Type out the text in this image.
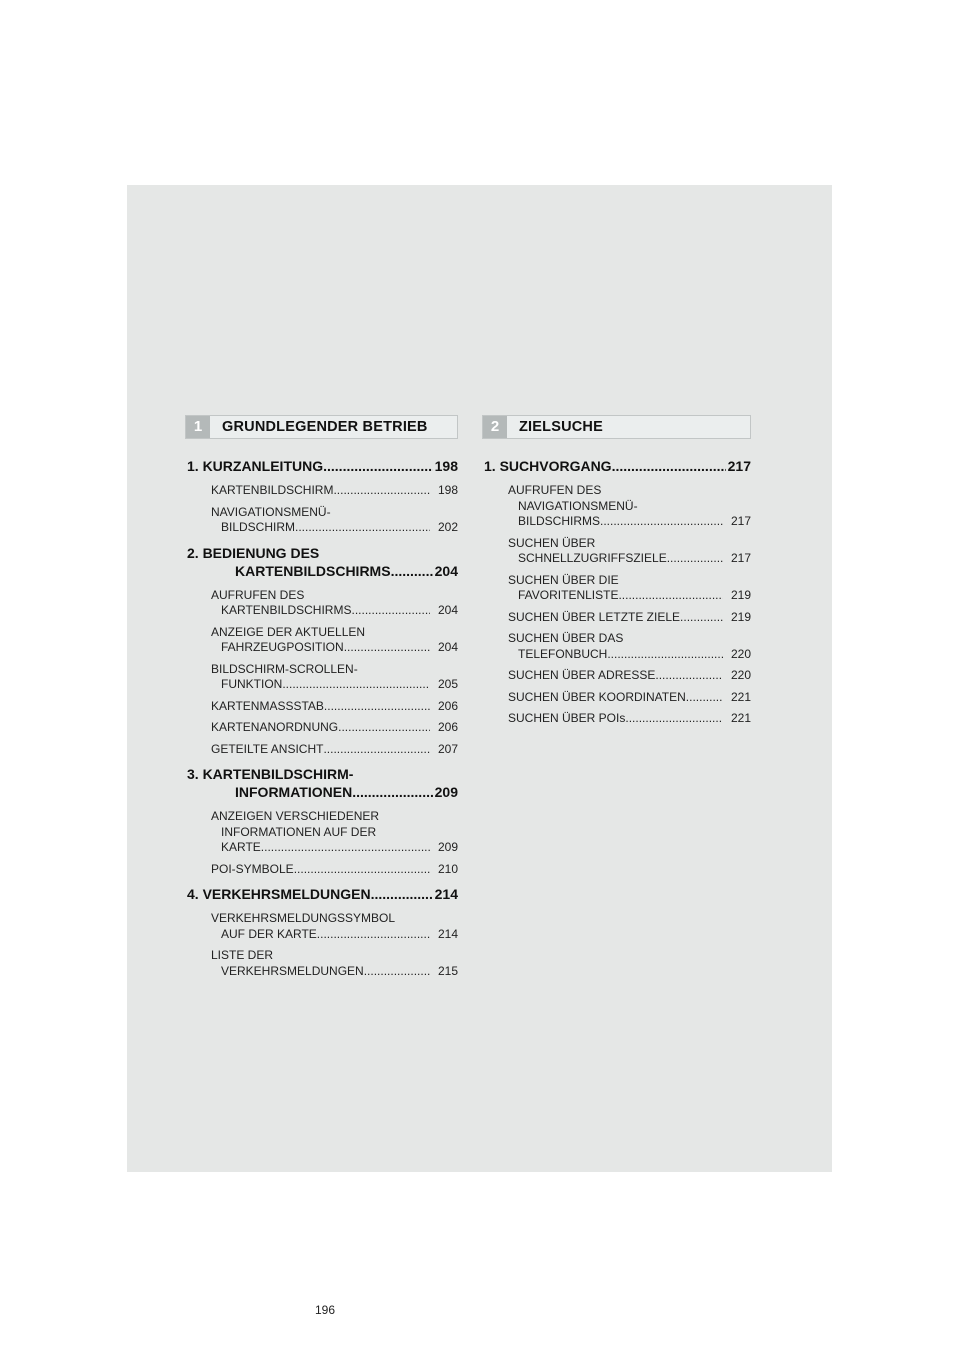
1	GRUNDLEGENDER BETRIEB
1. KURZANLEITUNG .....	198
KARTENBILDSCHIRM .....	198
NAVIGATIONSMENÜ-
BILDSCHIRM .....	202
2. BEDIENUNG DES
KARTENBILDSCHIRMS .....	204
AUFRUFEN DES
KARTENBILDSCHIRMS .....	204
ANZEIGE DER AKTUELLEN
FAHRZEUGPOSITION .....	204
BILDSCHIRM-SCROLLEN-
FUNKTION .....	205
KARTENMASSSTAB .....	206
KARTENANORDNUNG .....	206
GETEILTE ANSICHT .....	207
3. KARTENBILDSCHIRM-
INFORMATIONEN .....	209
ANZEIGEN VERSCHIEDENER
INFORMATIONEN AUF DER
KARTE .....	209
POI-SYMBOLE .....	210
4. VERKEHRSMELDUNGEN .....	214
VERKEHRSMELDUNGSSYMBOL
AUF DER KARTE .....	214
LISTE DER
VERKEHRSMELDUNGEN .....	215
2	ZIELSUCHE
1. SUCHVORGANG .....	217
AUFRUFEN DES
NAVIGATIONSMENÜ-
BILDSCHIRMS .....	217
SUCHEN ÜBER
SCHNELLZUGRIFFSZIELE .....	217
SUCHEN ÜBER DIE
FAVORITENLISTE .....	219
SUCHEN ÜBER LETZTE ZIELE .....	219
SUCHEN ÜBER DAS
TELEFONBUCH .....	220
SUCHEN ÜBER ADRESSE .....	220
SUCHEN ÜBER KOORDINATEN .....	221
SUCHEN ÜBER POIs .....	221
196
